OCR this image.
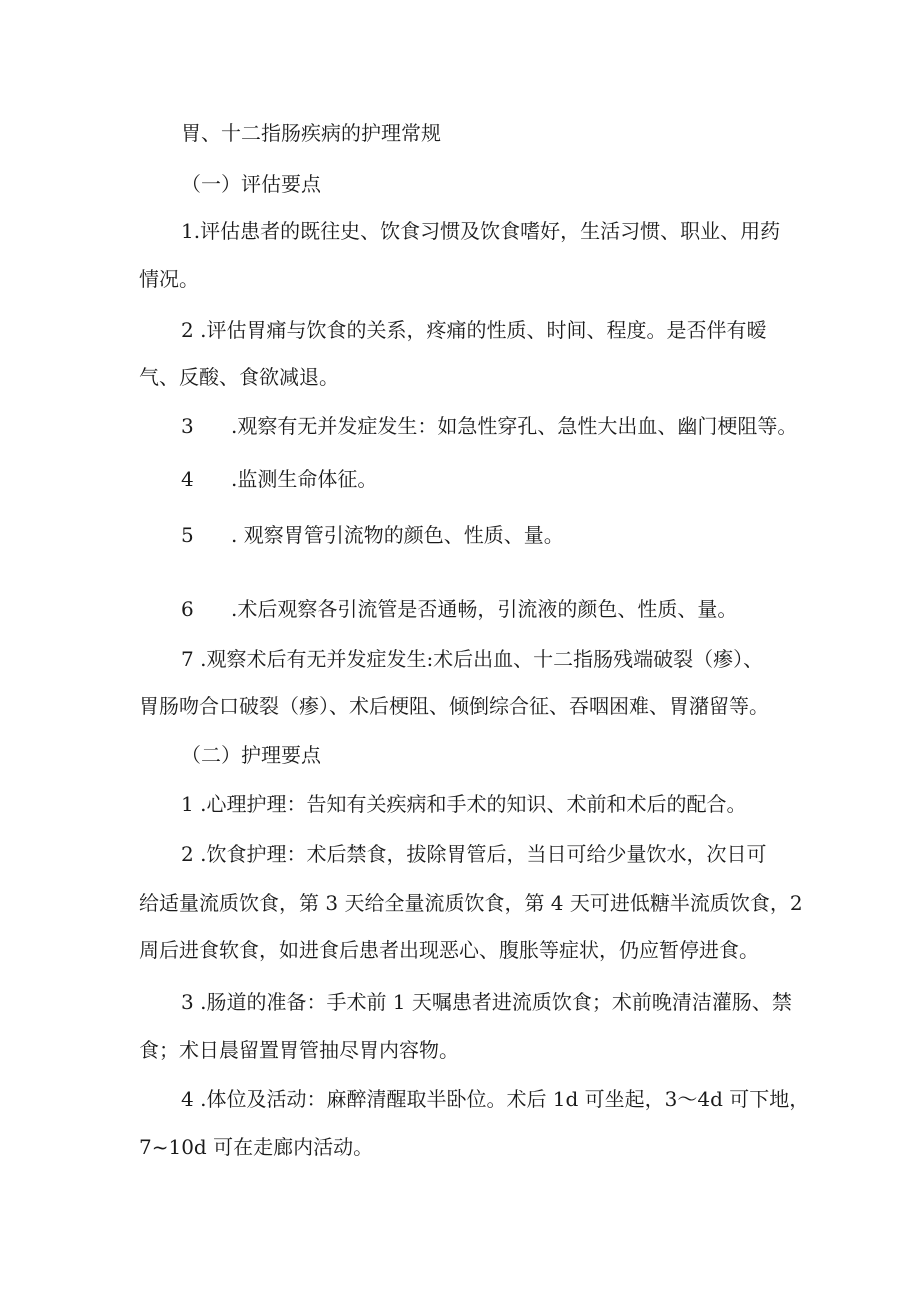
胃、十二指肠疾病的护理常规
（一）评估要点
1.评估患者的既往史、饮食习惯及饮食嗜好，生活习惯、职业、用药
情况。
2 .评估胃痛与饮食的关系，疼痛的性质、时间、程度。是否伴有暧
气、反酸、食欲减退。
3 .观察有无并发症发生：如急性穿孔、急性大出血、幽门梗阻等。
4 .监测生命体征。
5 . 观察胃管引流物的颜色、性质、量。
6 .术后观察各引流管是否通畅，引流液的颜色、性质、量。
7 .观察术后有无并发症发生:术后出血、十二指肠残端破裂（瘆）、
胃肠吻合口破裂（瘆）、术后梗阻、倾倒综合征、吞咽困难、胃潴留等。
（二）护理要点
1 .心理护理：告知有关疾病和手术的知识、术前和术后的配合。
2 .饮食护理：术后禁食，拔除胃管后，当日可给少量饮水，次日可
给适量流质饮食，第 3 天给全量流质饮食，第 4 天可进低糖半流质饮食，2
周后进食软食，如进食后患者出现恶心、腹胀等症状，仍应暂停进食。
3 .肠道的准备：手术前 1 天嘱患者进流质饮食；术前晚清洁灌肠、禁
食；术日晨留置胃管抽尽胃内容物。
4 .体位及活动：麻醉清醒取半卧位。术后 1d 可坐起，3～4d 可下地，
7~10d 可在走廊内活动。
